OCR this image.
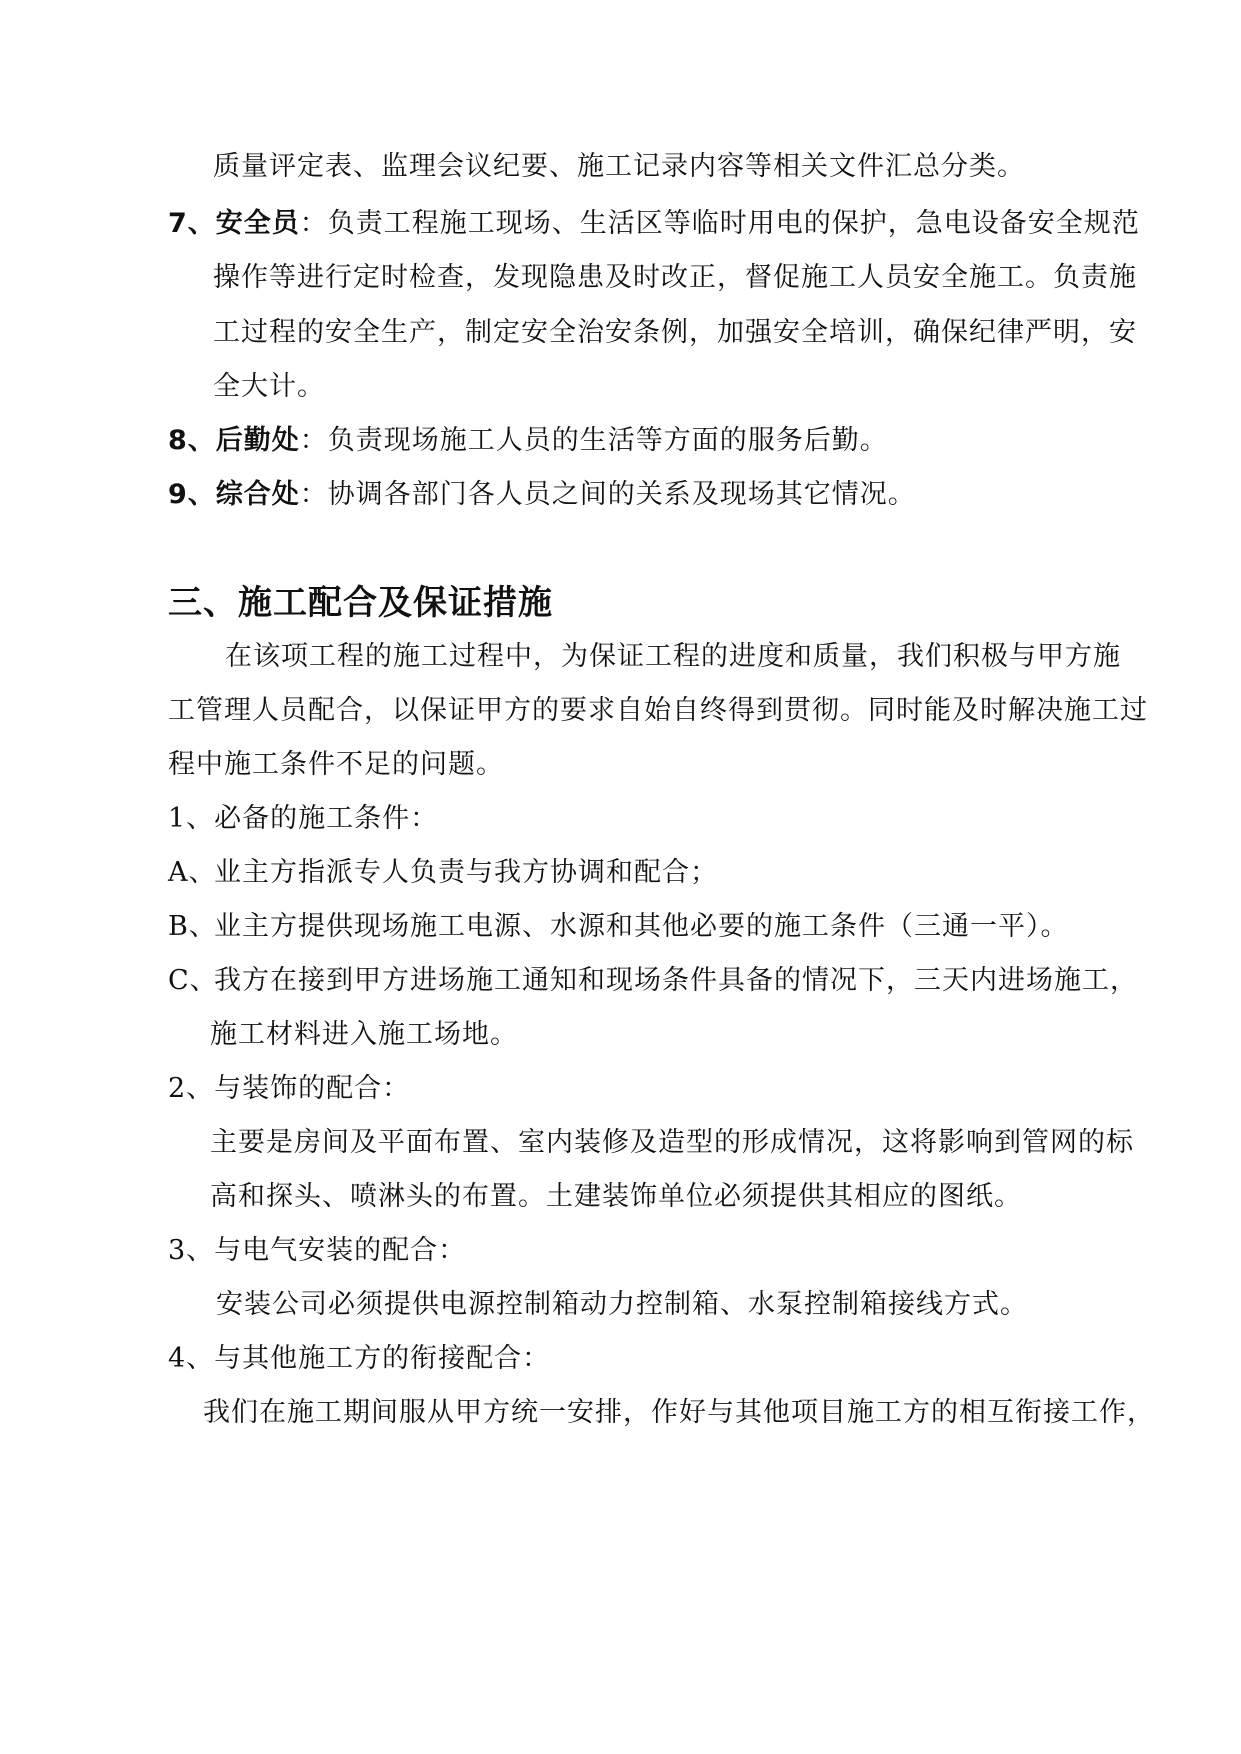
质量评定表、监理会议纪要、施工记录内容等相关文件汇总分类。
7、安全员：负责工程施工现场、生活区等临时用电的保护，急电设备安全规范
操作等进行定时检查，发现隐患及时改正，督促施工人员安全施工。负责施
工过程的安全生产，制定安全治安条例，加强安全培训，确保纪律严明，安
全大计。
8、后勤处：负责现场施工人员的生活等方面的服务后勤。
9、综合处：协调各部门各人员之间的关系及现场其它情况。
三、施工配合及保证措施
在该项工程的施工过程中，为保证工程的进度和质量，我们积极与甲方施
工管理人员配合，以保证甲方的要求自始自终得到贯彻。同时能及时解决施工过
程中施工条件不足的问题。
1、必备的施工条件：
A、业主方指派专人负责与我方协调和配合；
B、业主方提供现场施工电源、水源和其他必要的施工条件（三通一平）。
C、我方在接到甲方进场施工通知和现场条件具备的情况下，三天内进场施工，
施工材料进入施工场地。
2、与装饰的配合：
主要是房间及平面布置、室内装修及造型的形成情况，这将影响到管网的标
高和探头、喷淋头的布置。土建装饰单位必须提供其相应的图纸。
3、与电气安装的配合：
安装公司必须提供电源控制箱动力控制箱、水泵控制箱接线方式。
4、与其他施工方的衔接配合：
我们在施工期间服从甲方统一安排，作好与其他项目施工方的相互衔接工作，
